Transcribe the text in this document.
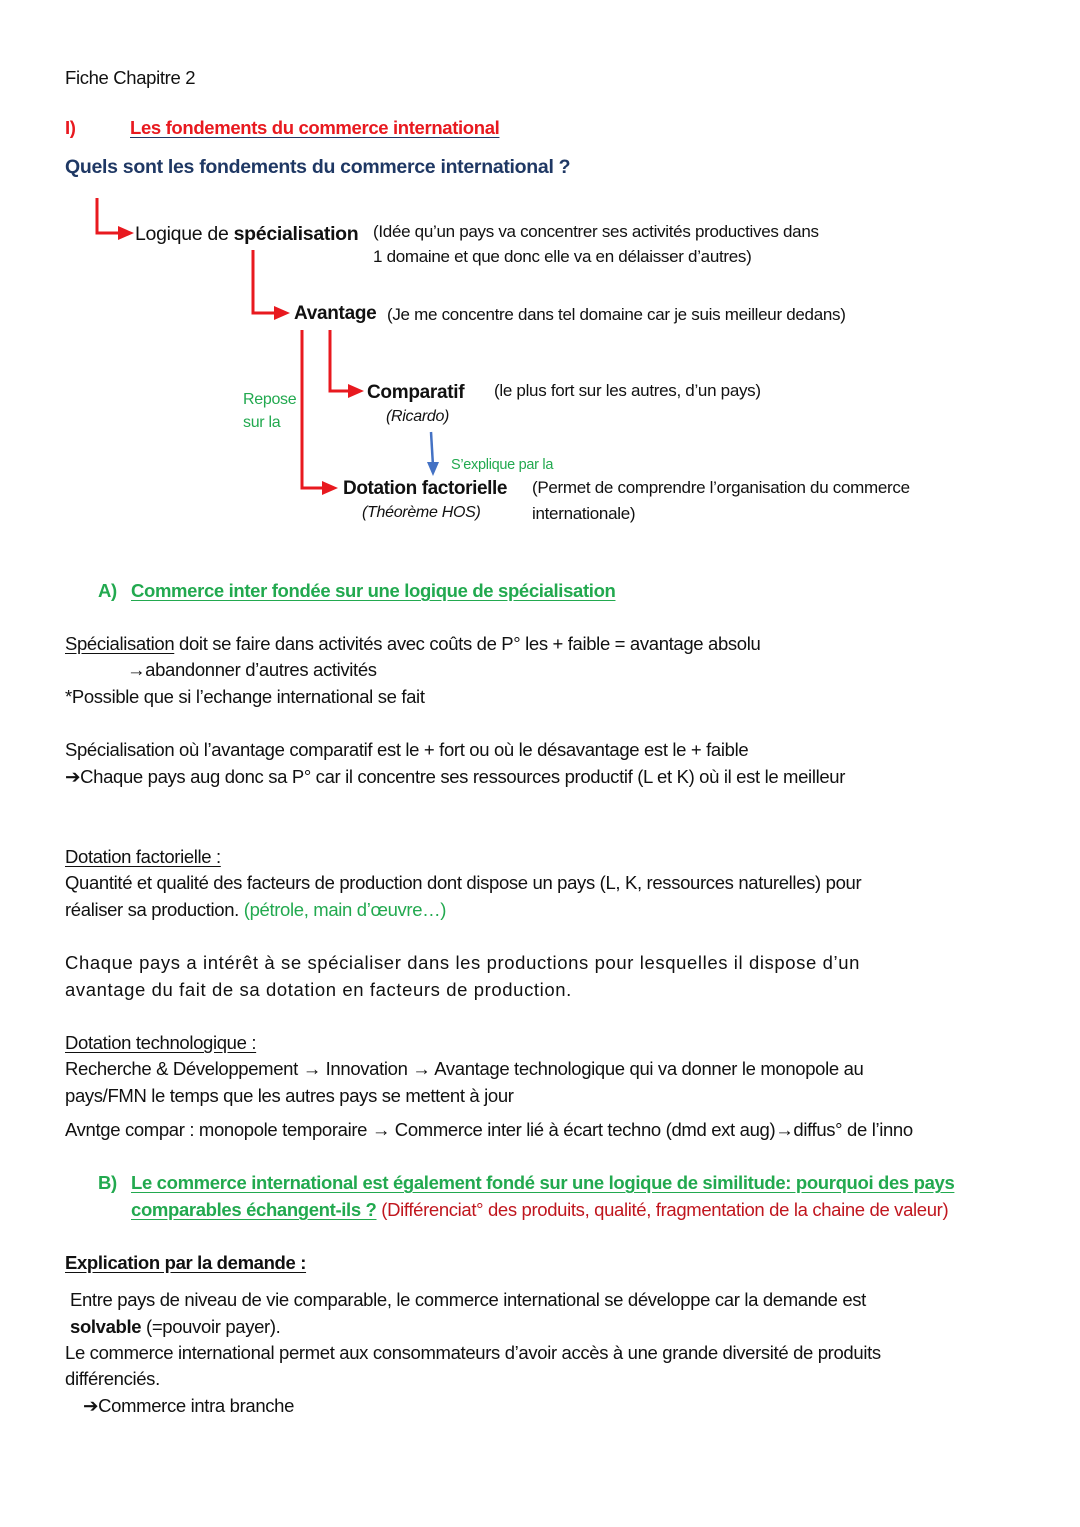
Fiche Chapitre 2
I)	Les fondements du commerce international
Quels sont les fondements du commerce international ?
Logique de spécialisation (Idée qu’un pays va concentrer ses activités productives dans
1 domaine et que donc elle va en délaisser d’autres)
Avantage (Je me concentre dans tel domaine car je suis meilleur dedans)
Repose
sur la
Comparatif
(Ricardo)
(le plus fort sur les autres, d’un pays)
S’explique par la
Dotation factorielle
(Théorème HOS)
(Permet de comprendre l’organisation du commerce
internationale)
A) Commerce inter fondée sur une logique de spécialisation
Spécialisation doit se faire dans activités avec coûts de P° les + faible = avantage absolu
→abandonner d’autres activités
*Possible que si l’echange international se fait
Spécialisation où l’avantage comparatif est le + fort ou où le désavantage est le + faible
➔Chaque pays aug donc sa P° car il concentre ses ressources productif (L et K) où il est le meilleur
Dotation factorielle :
Quantité et qualité des facteurs de production dont dispose un pays (L, K, ressources naturelles) pour
réaliser sa production. (pétrole, main d’œuvre…)
Chaque pays a intérêt à se spécialiser dans les productions pour lesquelles il dispose d’un
avantage du fait de sa dotation en facteurs de production.
Dotation technologique :
Recherche & Développement → Innovation → Avantage technologique qui va donner le monopole au
pays/FMN le temps que les autres pays se mettent à jour
Avntge compar : monopole temporaire → Commerce inter lié à écart techno (dmd ext aug)→diffus° de l’inno
B) Le commerce international est également fondé sur une logique de similitude: pourquoi des pays
comparables échangent-ils ? (Différenciat° des produits, qualité, fragmentation de la chaine de valeur)
Explication par la demande :
Entre pays de niveau de vie comparable, le commerce international se développe car la demande est
solvable (=pouvoir payer).
Le commerce international permet aux consommateurs d’avoir accès à une grande diversité de produits
différenciés.
➔Commerce intra branche
